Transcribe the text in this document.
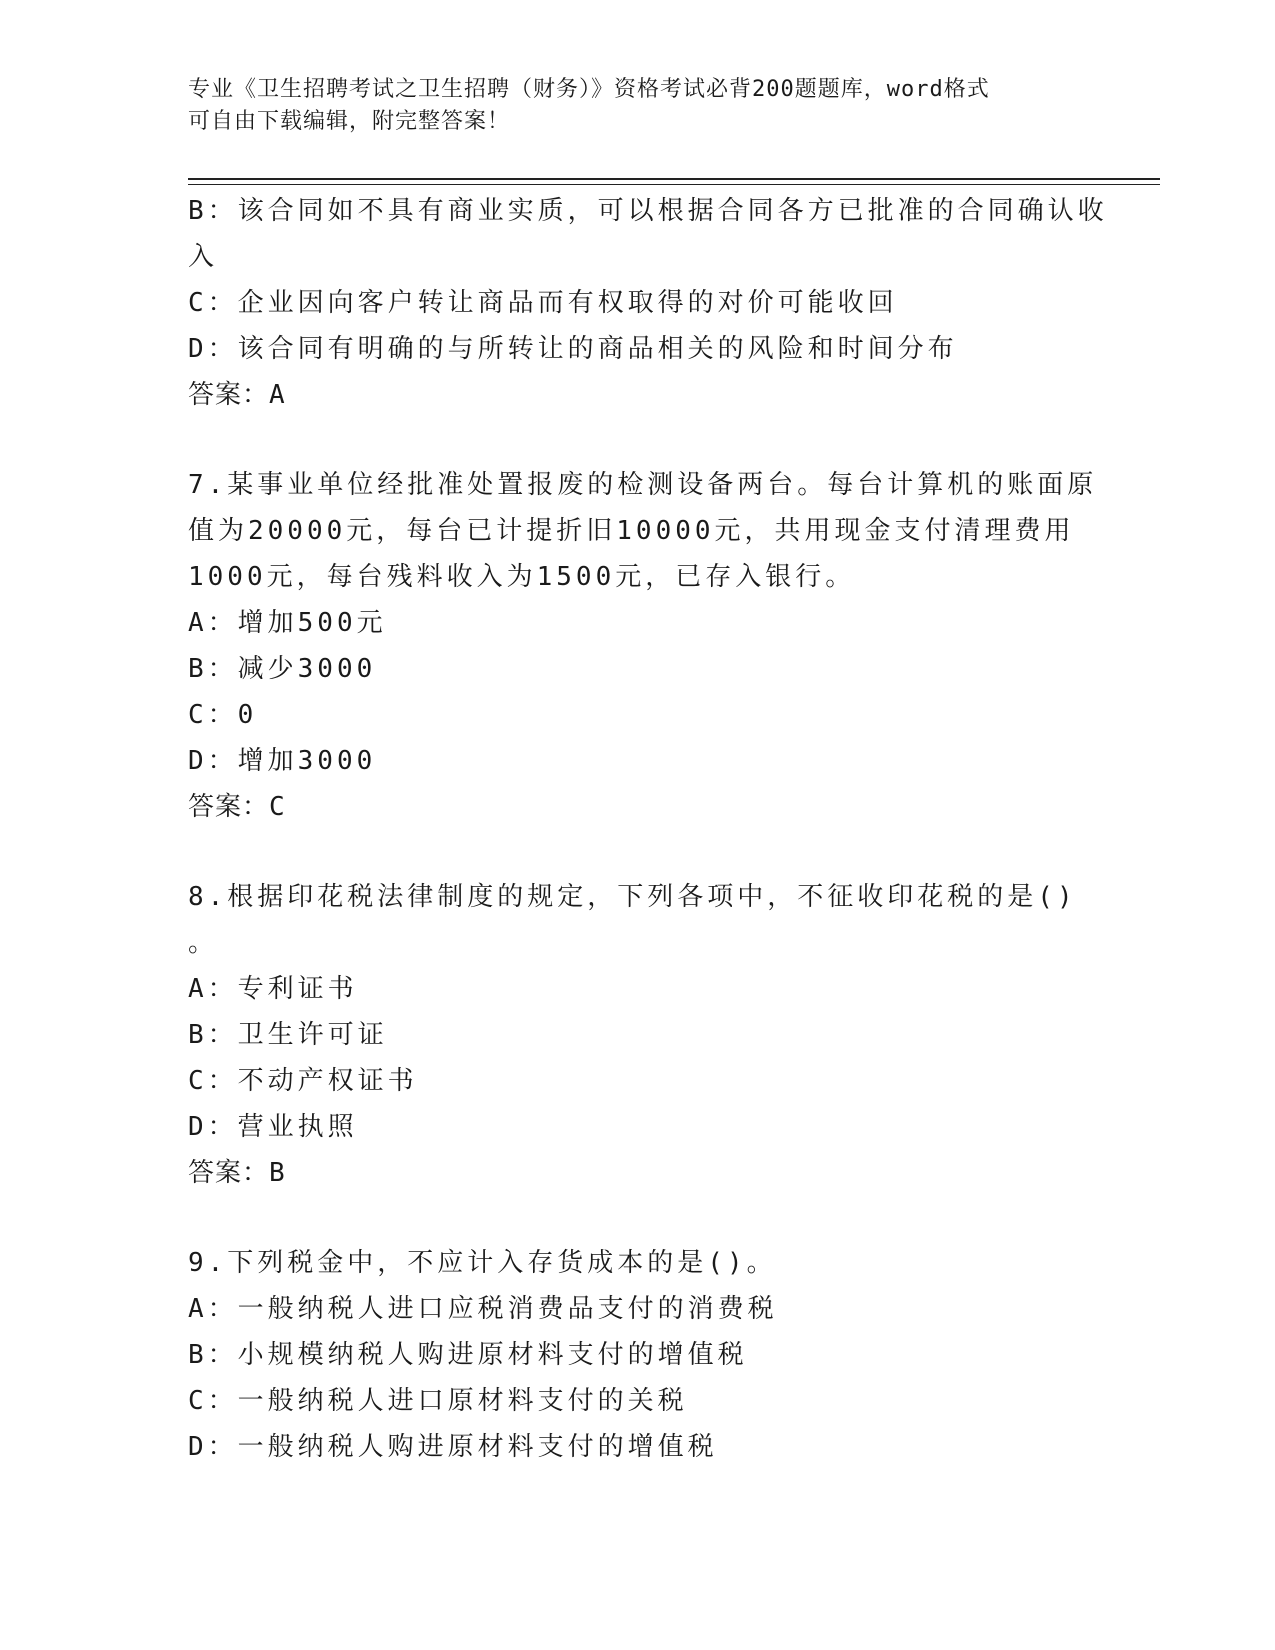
专业《卫生招聘考试之卫生招聘（财务）》资格考试必背200题题库，word格式
可自由下载编辑，附完整答案！
B：该合同如不具有商业实质，可以根据合同各方已批准的合同确认收
入
C：企业因向客户转让商品而有权取得的对价可能收回
D：该合同有明确的与所转让的商品相关的风险和时间分布
答案：A
7.某事业单位经批准处置报废的检测设备两台。每台计算机的账面原
值为20000元，每台已计提折旧10000元，共用现金支付清理费用
1000元，每台残料收入为1500元，已存入银行。
A：增加500元
B：减少3000
C：0
D：增加3000
答案：C
8.根据印花税法律制度的规定，下列各项中，不征收印花税的是()
。
A：专利证书
B：卫生许可证
C：不动产权证书
D：营业执照
答案：B
9.下列税金中，不应计入存货成本的是()。
A：一般纳税人进口应税消费品支付的消费税
B：小规模纳税人购进原材料支付的增值税
C：一般纳税人进口原材料支付的关税
D：一般纳税人购进原材料支付的增值税
